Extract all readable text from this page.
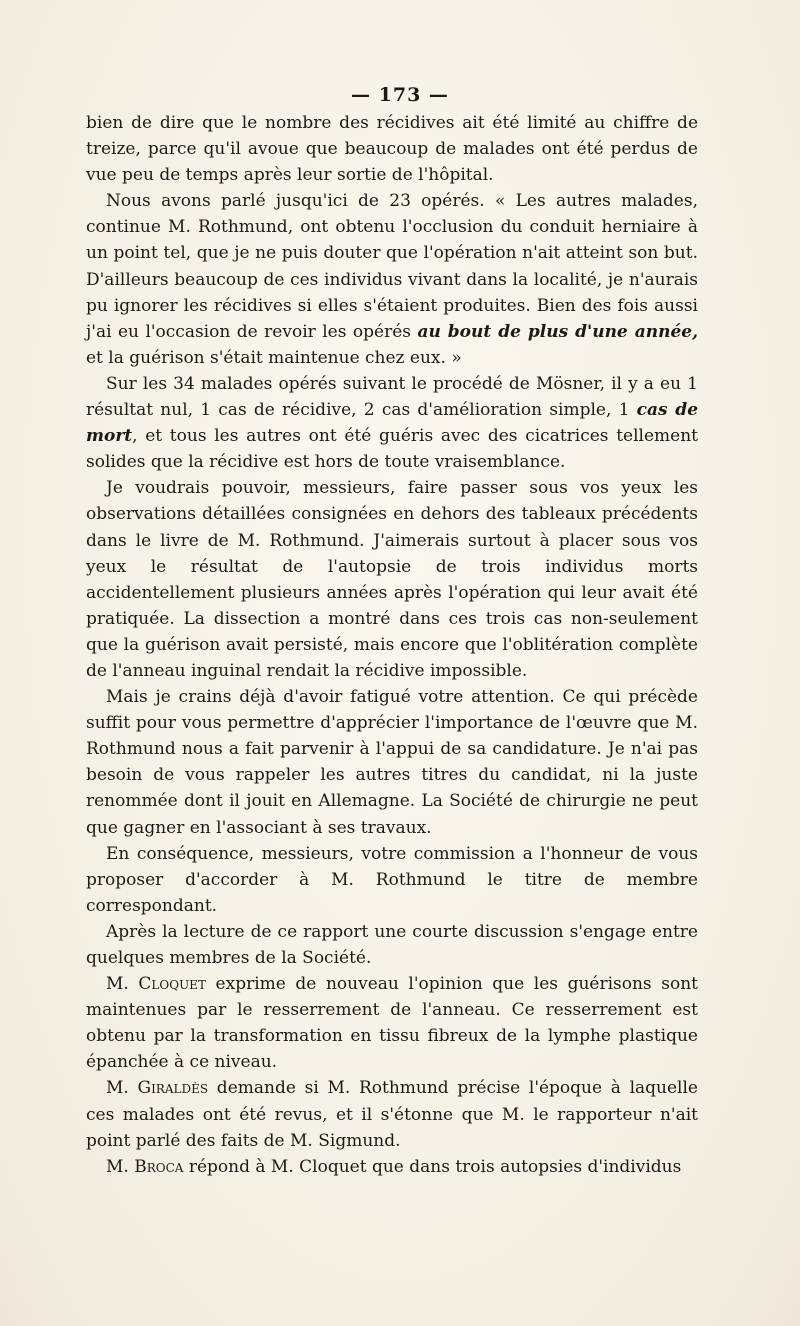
— 173 —

bien de dire que le nombre des récidives ait été limité au chiffre de treize, parce qu'il avoue que beaucoup de malades ont été perdus de vue peu de temps après leur sortie de l'hôpital.

Nous avons parlé jusqu'ici de 23 opérés. « Les autres malades, continue M. Rothmund, ont obtenu l'occlusion du conduit herniaire à un point tel, que je ne puis douter que l'opération n'ait atteint son but. D'ailleurs beaucoup de ces individus vivant dans la localité, je n'aurais pu ignorer les récidives si elles s'étaient produites. Bien des fois aussi j'ai eu l'occasion de revoir les opérés au bout de plus d'une année, et la guérison s'était maintenue chez eux. »

Sur les 34 malades opérés suivant le procédé de Mösner, il y a eu 1 résultat nul, 1 cas de récidive, 2 cas d'amélioration simple, 1 cas de mort, et tous les autres ont été guéris avec des cicatrices tellement solides que la récidive est hors de toute vraisemblance.

Je voudrais pouvoir, messieurs, faire passer sous vos yeux les observations détaillées consignées en dehors des tableaux précédents dans le livre de M. Rothmund. J'aimerais surtout à placer sous vos yeux le résultat de l'autopsie de trois individus morts accidentellement plusieurs années après l'opération qui leur avait été pratiquée. La dissection a montré dans ces trois cas non-seulement que la guérison avait persisté, mais encore que l'oblitération complète de l'anneau inguinal rendait la récidive impossible.

Mais je crains déjà d'avoir fatigué votre attention. Ce qui précède suffit pour vous permettre d'apprécier l'importance de l'œuvre que M. Rothmund nous a fait parvenir à l'appui de sa candidature. Je n'ai pas besoin de vous rappeler les autres titres du candidat, ni la juste renommée dont il jouit en Allemagne. La Société de chirurgie ne peut que gagner en l'associant à ses travaux.

En conséquence, messieurs, votre commission a l'honneur de vous proposer d'accorder à M. Rothmund le titre de membre correspondant.

Après la lecture de ce rapport une courte discussion s'engage entre quelques membres de la Société.

M. Cloquet exprime de nouveau l'opinion que les guérisons sont maintenues par le resserrement de l'anneau. Ce resserrement est obtenu par la transformation en tissu fibreux de la lymphe plastique épanchée à ce niveau.

M. Giraldès demande si M. Rothmund précise l'époque à laquelle ces malades ont été revus, et il s'étonne que M. le rapporteur n'ait point parlé des faits de M. Sigmund.

M. Broca répond à M. Cloquet que dans trois autopsies d'individus
